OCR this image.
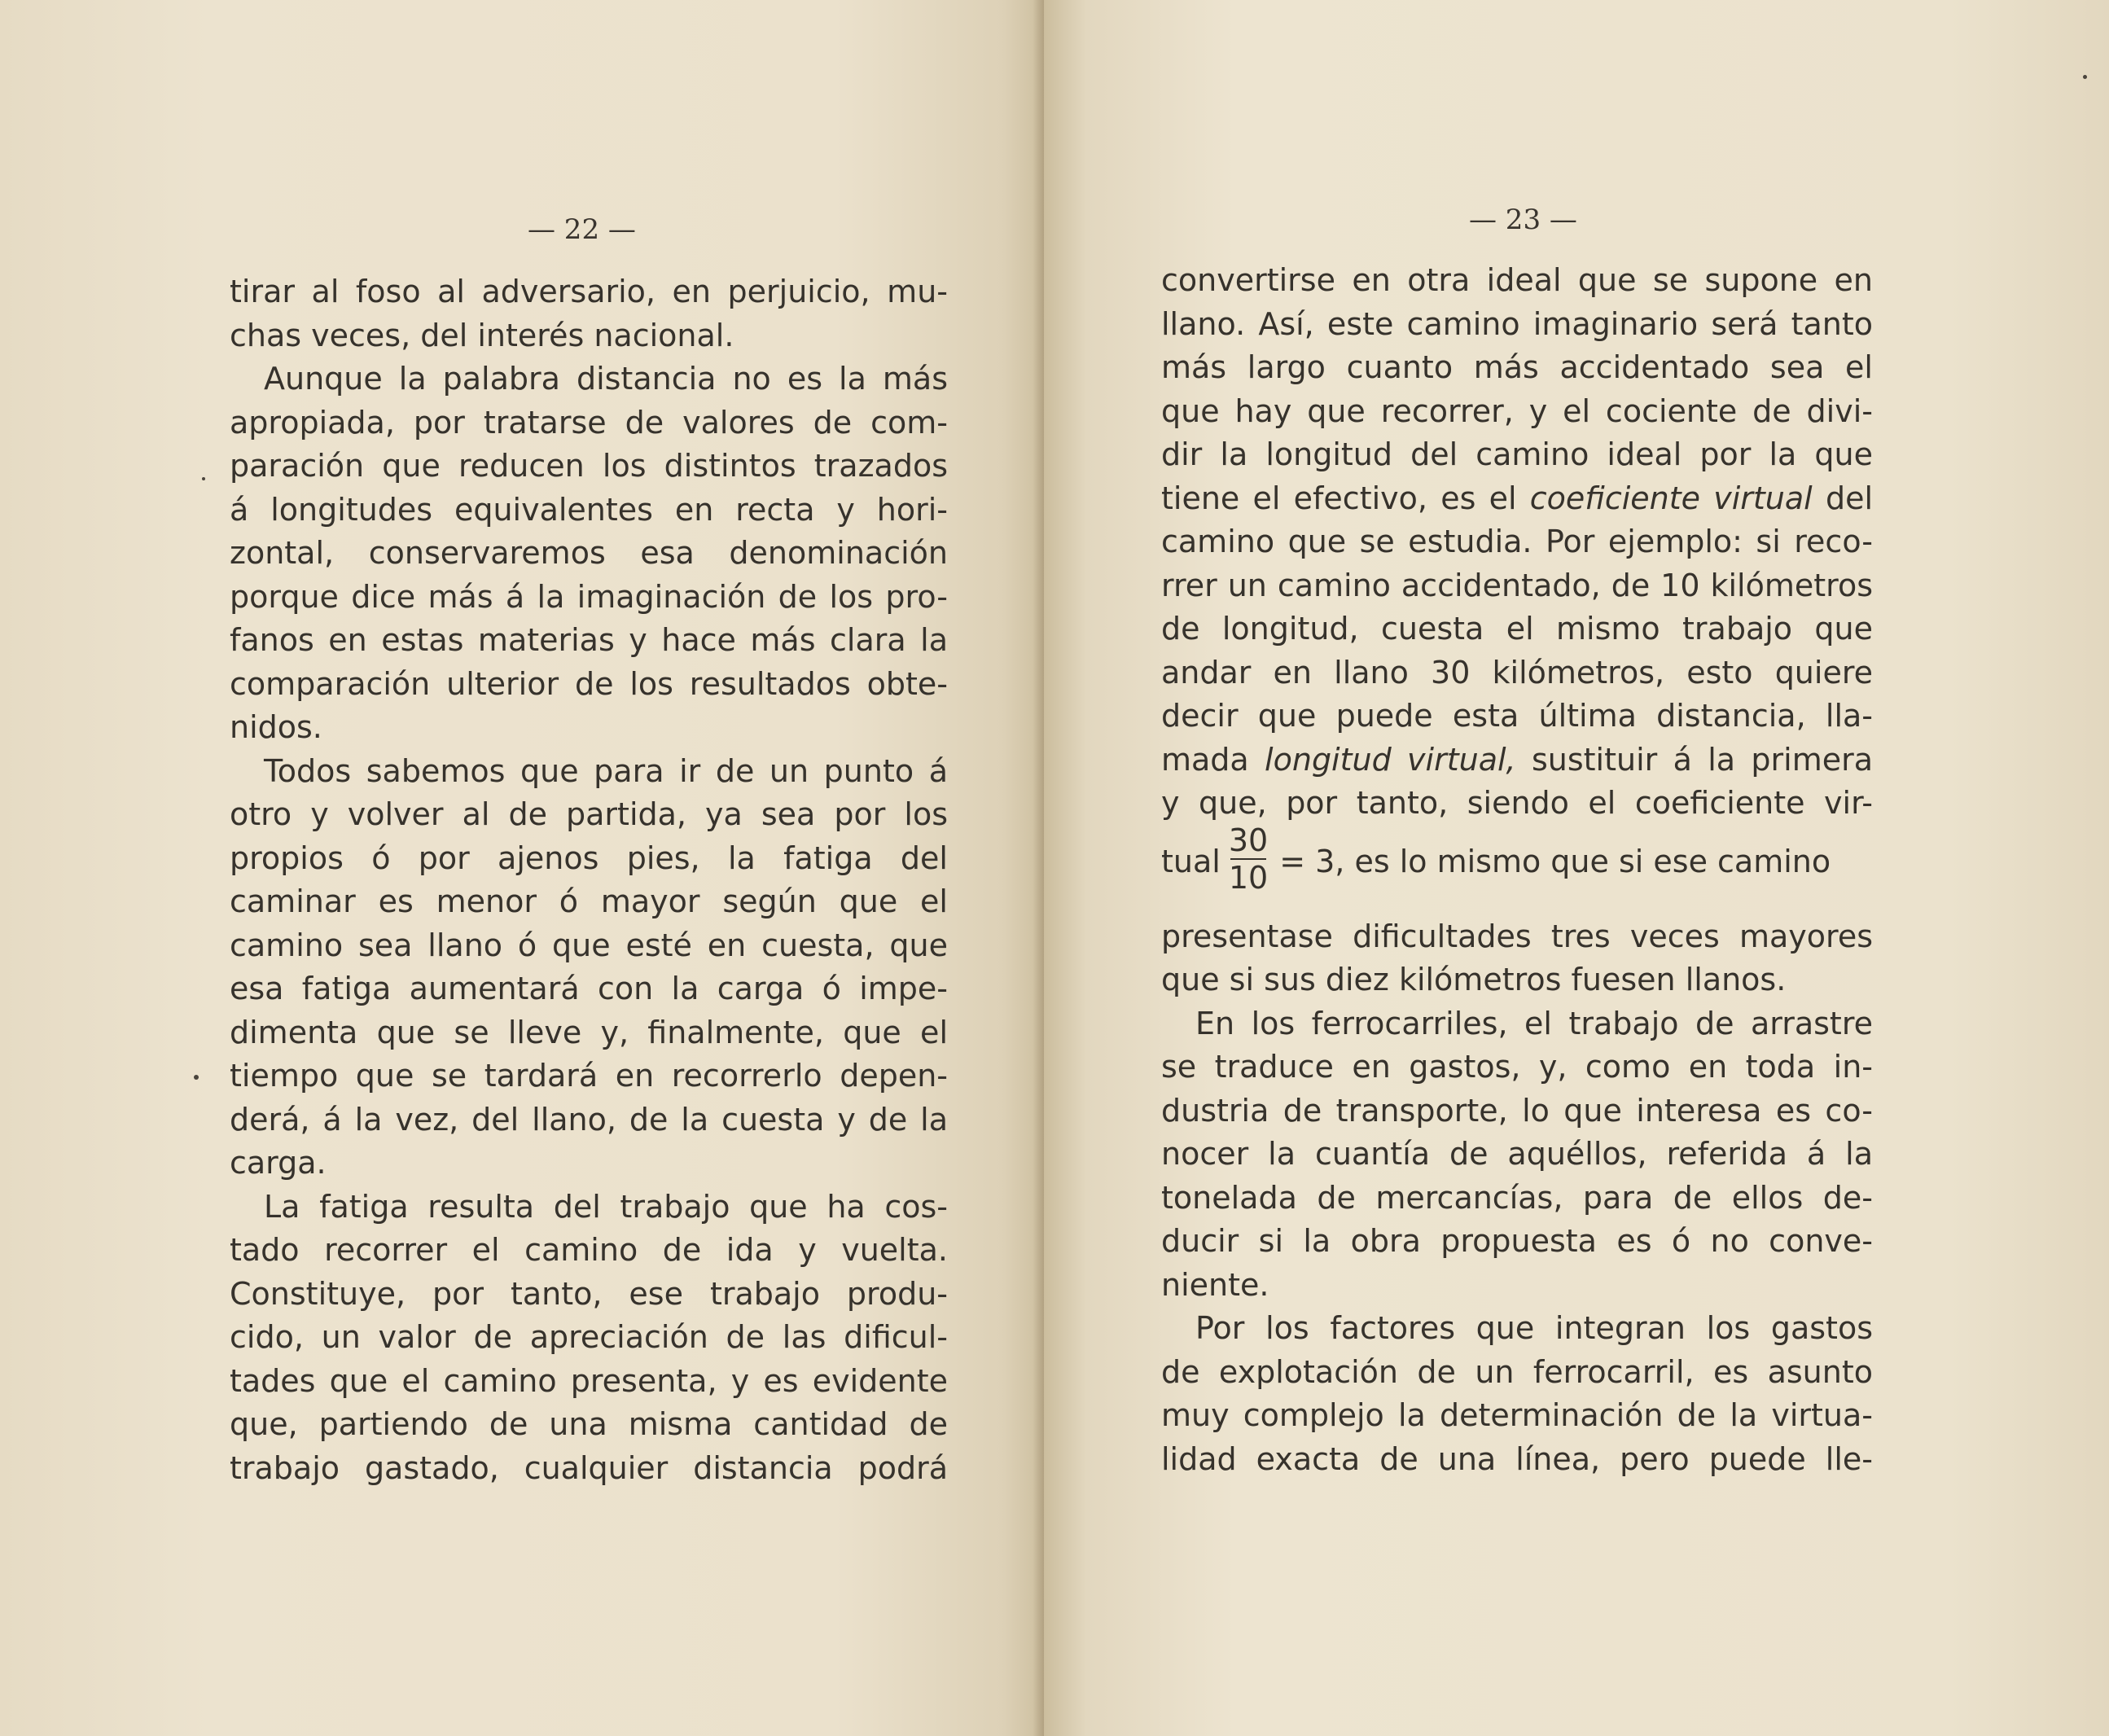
— 22 —
tirar al foso al adversario, en perjuicio, mu-
chas veces, del interés nacional.
Aunque la palabra distancia no es la más
apropiada, por tratarse de valores de com-
paración que reducen los distintos trazados
á longitudes equivalentes en recta y hori-
zontal, conservaremos esa denominación
porque dice más á la imaginación de los pro-
fanos en estas materias y hace más clara la
comparación ulterior de los resultados obte-
nidos.
Todos sabemos que para ir de un punto á
otro y volver al de partida, ya sea por los
propios ó por ajenos pies, la fatiga del
caminar es menor ó mayor según que el
camino sea llano ó que esté en cuesta, que
esa fatiga aumentará con la carga ó impe-
dimenta que se lleve y, finalmente, que el
tiempo que se tardará en recorrerlo depen-
derá, á la vez, del llano, de la cuesta y de la
carga.
La fatiga resulta del trabajo que ha cos-
tado recorrer el camino de ida y vuelta.
Constituye, por tanto, ese trabajo produ-
cido, un valor de apreciación de las dificul-
tades que el camino presenta, y es evidente
que, partiendo de una misma cantidad de
trabajo gastado, cualquier distancia podrá
— 23 —
convertirse en otra ideal que se supone en
llano. Así, este camino imaginario será tanto
más largo cuanto más accidentado sea el
que hay que recorrer, y el cociente de divi-
dir la longitud del camino ideal por la que
tiene el efectivo, es el coeficiente virtual del
camino que se estudia. Por ejemplo: si reco-
rrer un camino accidentado, de 10 kilómetros
de longitud, cuesta el mismo trabajo que
andar en llano 30 kilómetros, esto quiere
decir que puede esta última distancia, lla-
mada longitud virtual, sustituir á la primera
y que, por tanto, siendo el coeficiente vir-
tual $\frac{30}{10} = 3$, es lo mismo que si ese camino
presentase dificultades tres veces mayores
que si sus diez kilómetros fuesen llanos.
En los ferrocarriles, el trabajo de arrastre
se traduce en gastos, y, como en toda in-
dustria de transporte, lo que interesa es co-
nocer la cuantía de aquéllos, referida á la
tonelada de mercancías, para de ellos de-
ducir si la obra propuesta es ó no conve-
niente.
Por los factores que integran los gastos
de explotación de un ferrocarril, es asunto
muy complejo la determinación de la virtua-
lidad exacta de una línea, pero puede lle-
